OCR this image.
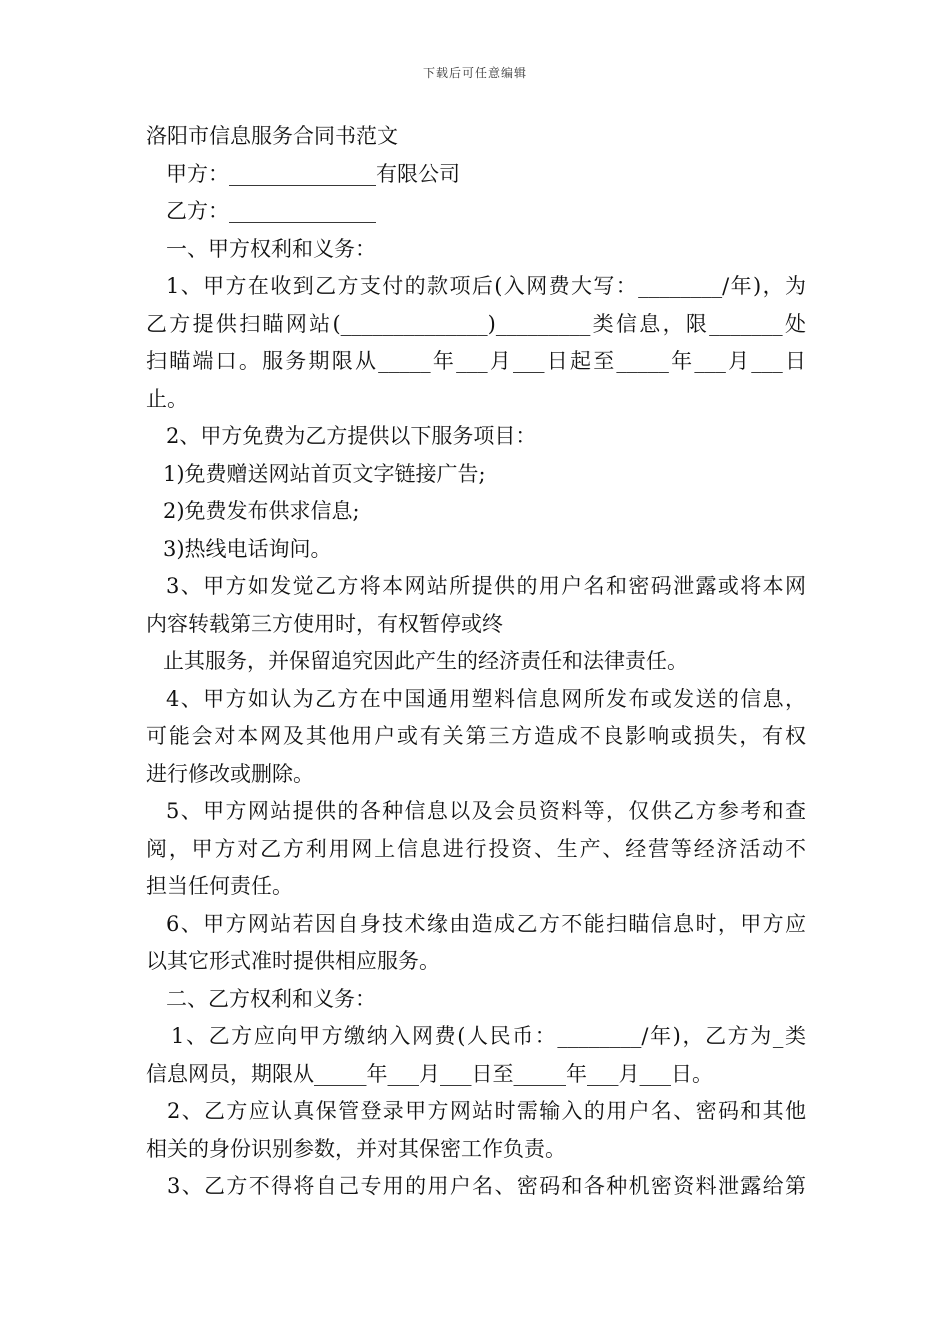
下载后可任意编辑
洛阳市信息服务合同书范文
甲方：______________有限公司
乙方：______________
一、甲方权利和义务：
1、甲方在收到乙方支付的款项后(入网费大写：________/年)，为
乙方提供扫瞄网站(______________)_________类信息，限_______处
扫瞄端口。服务期限从_____年___月___日起至_____年___月___日
止。
2、甲方免费为乙方提供以下服务项目：
1)免费赠送网站首页文字链接广告;
2)免费发布供求信息;
3)热线电话询问。
3、甲方如发觉乙方将本网站所提供的用户名和密码泄露或将本网
内容转载第三方使用时，有权暂停或终
止其服务，并保留追究因此产生的经济责任和法律责任。
4、甲方如认为乙方在中国通用塑料信息网所发布或发送的信息，
可能会对本网及其他用户或有关第三方造成不良影响或损失，有权
进行修改或删除。
5、甲方网站提供的各种信息以及会员资料等，仅供乙方参考和查
阅，甲方对乙方利用网上信息进行投资、生产、经营等经济活动不
担当任何责任。
6、甲方网站若因自身技术缘由造成乙方不能扫瞄信息时，甲方应
以其它形式准时提供相应服务。
二、乙方权利和义务：
1、乙方应向甲方缴纳入网费(人民币：________/年)，乙方为_类
信息网员，期限从_____年___月___日至_____年___月___日。
2、乙方应认真保管登录甲方网站时需输入的用户名、密码和其他
相关的身份识别参数，并对其保密工作负责。
3、乙方不得将自己专用的用户名、密码和各种机密资料泄露给第
